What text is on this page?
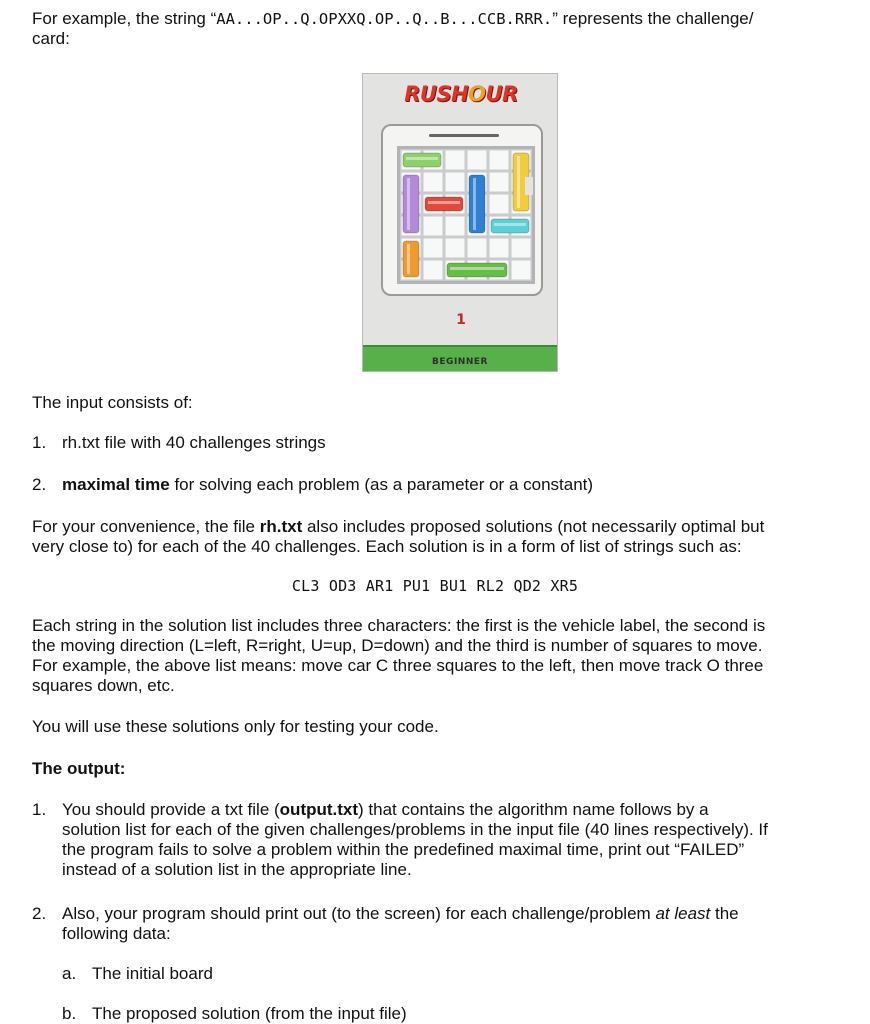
For example, the string “AA...OP..Q.OPXXQ.OP..Q..B...CCB.RRR.” represents the challenge/
card:

RUSHOUR
1
BEGINNER

The input consists of:

1. rh.txt file with 40 challenges strings
2. maximal time for solving each problem (as a parameter or a constant)

For your convenience, the file rh.txt also includes proposed solutions (not necessarily optimal but
very close to) for each of the 40 challenges. Each solution is in a form of list of strings such as:

CL3 OD3 AR1 PU1 BU1 RL2 QD2 XR5

Each string in the solution list includes three characters: the first is the vehicle label, the second is
the moving direction (L=left, R=right, U=up, D=down) and the third is number of squares to move.
For example, the above list means: move car C three squares to the left, then move track O three
squares down, etc.

You will use these solutions only for testing your code.

The output:

1. You should provide a txt file (output.txt) that contains the algorithm name follows by a
solution list for each of the given challenges/problems in the input file (40 lines respectively). If
the program fails to solve a problem within the predefined maximal time, print out “FAILED”
instead of a solution list in the appropriate line.
2. Also, your program should print out (to the screen) for each challenge/problem at least the
following data:
a. The initial board
b. The proposed solution (from the input file)
